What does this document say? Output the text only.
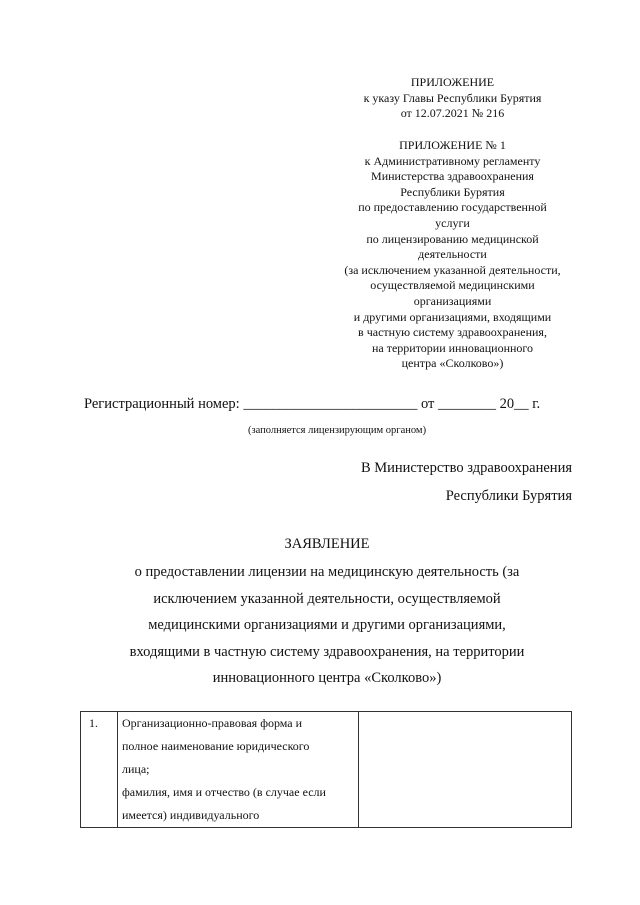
ПРИЛОЖЕНИЕ
к указу Главы Республики Бурятия
от 12.07.2021 № 216
ПРИЛОЖЕНИЕ № 1
к Административному регламенту
Министерства здравоохранения
Республики Бурятия
по предоставлению государственной
услуги
по лицензированию медицинской
деятельности
(за исключением указанной деятельности,
осуществляемой медицинскими
организациями
и другими организациями, входящими
в частную систему здравоохранения,
на территории инновационного
центра «Сколково»)
Регистрационный номер: ________________________ от ________ 20__ г.
(заполняется лицензирующим органом)
В Министерство здравоохранения
Республики Бурятия
ЗАЯВЛЕНИЕ
о предоставлении лицензии на медицинскую деятельность (за
исключением указанной деятельности, осуществляемой
медицинскими организациями и другими организациями,
входящими в частную систему здравоохранения, на территории
инновационного центра «Сколково»)
1.	Организационно-правовая форма и
полное наименование юридического
лица;
фамилия, имя и отчество (в случае если
имеется) индивидуального
